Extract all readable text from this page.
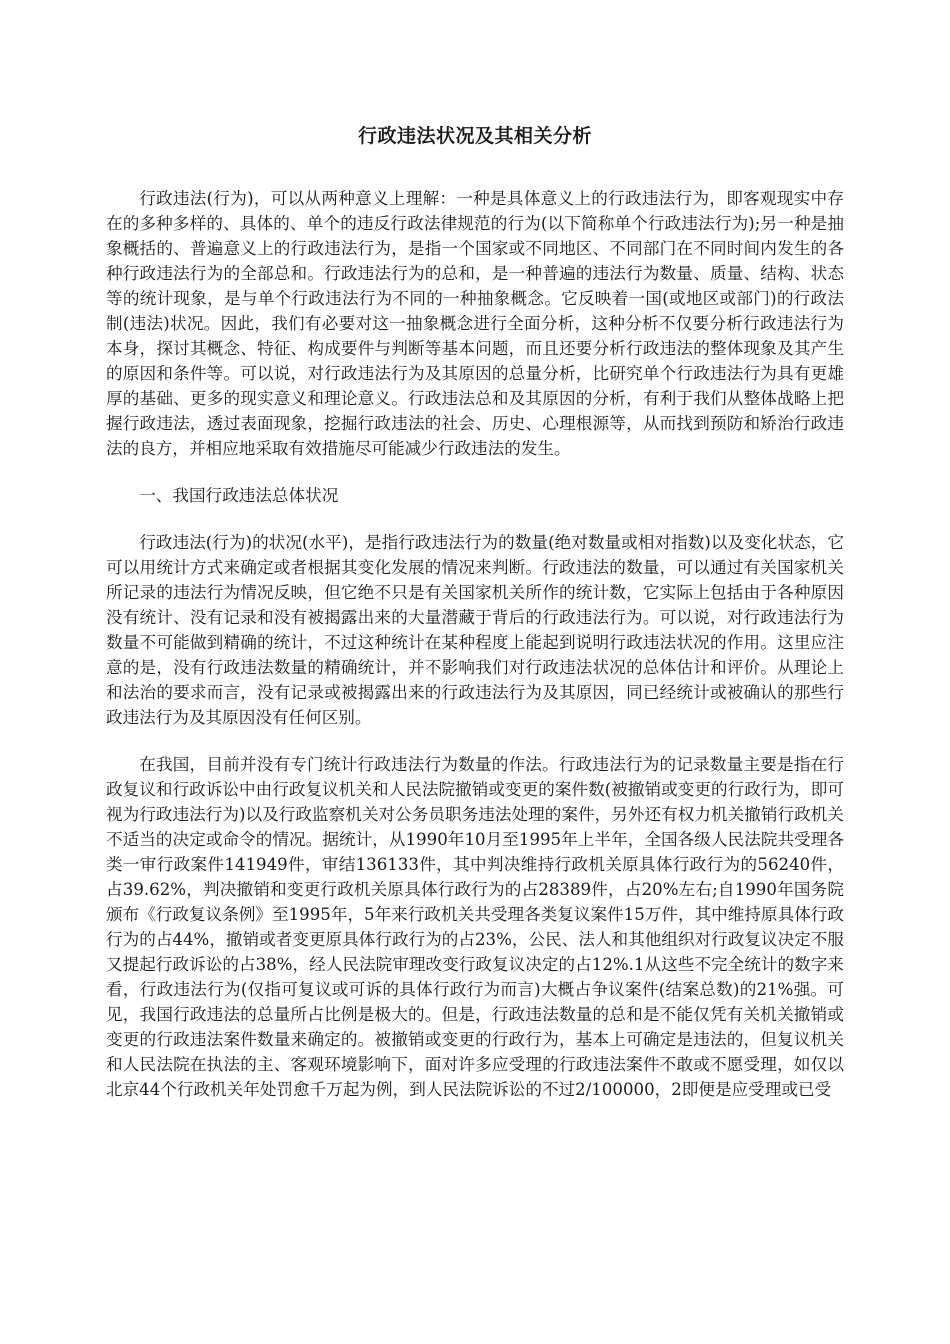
行政违法状况及其相关分析

行政违法(行为)，可以从两种意义上理解：一种是具体意义上的行政违法行为，即客观现实中存在的多种多样的、具体的、单个的违反行政法律规范的行为(以下简称单个行政违法行为);另一种是抽象概括的、普遍意义上的行政违法行为，是指一个国家或不同地区、不同部门在不同时间内发生的各种行政违法行为的全部总和。行政违法行为的总和，是一种普遍的违法行为数量、质量、结构、状态等的统计现象，是与单个行政违法行为不同的一种抽象概念。它反映着一国(或地区或部门)的行政法制(违法)状况。因此，我们有必要对这一抽象概念进行全面分析，这种分析不仅要分析行政违法行为本身，探讨其概念、特征、构成要件与判断等基本问题，而且还要分析行政违法的整体现象及其产生的原因和条件等。可以说，对行政违法行为及其原因的总量分析，比研究单个行政违法行为具有更雄厚的基础、更多的现实意义和理论意义。行政违法总和及其原因的分析，有利于我们从整体战略上把握行政违法，透过表面现象，挖掘行政违法的社会、历史、心理根源等，从而找到预防和矫治行政违法的良方，并相应地采取有效措施尽可能减少行政违法的发生。

一、我国行政违法总体状况

行政违法(行为)的状况(水平)，是指行政违法行为的数量(绝对数量或相对指数)以及变化状态，它可以用统计方式来确定或者根据其变化发展的情况来判断。行政违法的数量，可以通过有关国家机关所记录的违法行为情况反映，但它绝不只是有关国家机关所作的统计数，它实际上包括由于各种原因没有统计、没有记录和没有被揭露出来的大量潜藏于背后的行政违法行为。可以说，对行政违法行为数量不可能做到精确的统计，不过这种统计在某种程度上能起到说明行政违法状况的作用。这里应注意的是，没有行政违法数量的精确统计，并不影响我们对行政违法状况的总体估计和评价。从理论上和法治的要求而言，没有记录或被揭露出来的行政违法行为及其原因，同已经统计或被确认的那些行政违法行为及其原因没有任何区别。

在我国，目前并没有专门统计行政违法行为数量的作法。行政违法行为的记录数量主要是指在行政复议和行政诉讼中由行政复议机关和人民法院撤销或变更的案件数(被撤销或变更的行政行为，即可视为行政违法行为)以及行政监察机关对公务员职务违法处理的案件，另外还有权力机关撤销行政机关不适当的决定或命令的情况。据统计，从1990年10月至1995年上半年，全国各级人民法院共受理各类一审行政案件141949件，审结136133件，其中判决维持行政机关原具体行政行为的56240件，占39.62%，判决撤销和变更行政机关原具体行政行为的占28389件，占20%左右;自1990年国务院颁布《行政复议条例》至1995年，5年来行政机关共受理各类复议案件15万件，其中维持原具体行政行为的占44%，撤销或者变更原具体行政行为的占23%，公民、法人和其他组织对行政复议决定不服又提起行政诉讼的占38%，经人民法院审理改变行政复议决定的占12%.1从这些不完全统计的数字来看，行政违法行为(仅指可复议或可诉的具体行政行为而言)大概占争议案件(结案总数)的21%强。可见，我国行政违法的总量所占比例是极大的。但是，行政违法数量的总和是不能仅凭有关机关撤销或变更的行政违法案件数量来确定的。被撤销或变更的行政行为，基本上可确定是违法的，但复议机关和人民法院在执法的主、客观环境影响下，面对许多应受理的行政违法案件不敢或不愿受理，如仅以北京44个行政机关年处罚愈千万起为例，到人民法院诉讼的不过2/100000，2即便是应受理或已受
